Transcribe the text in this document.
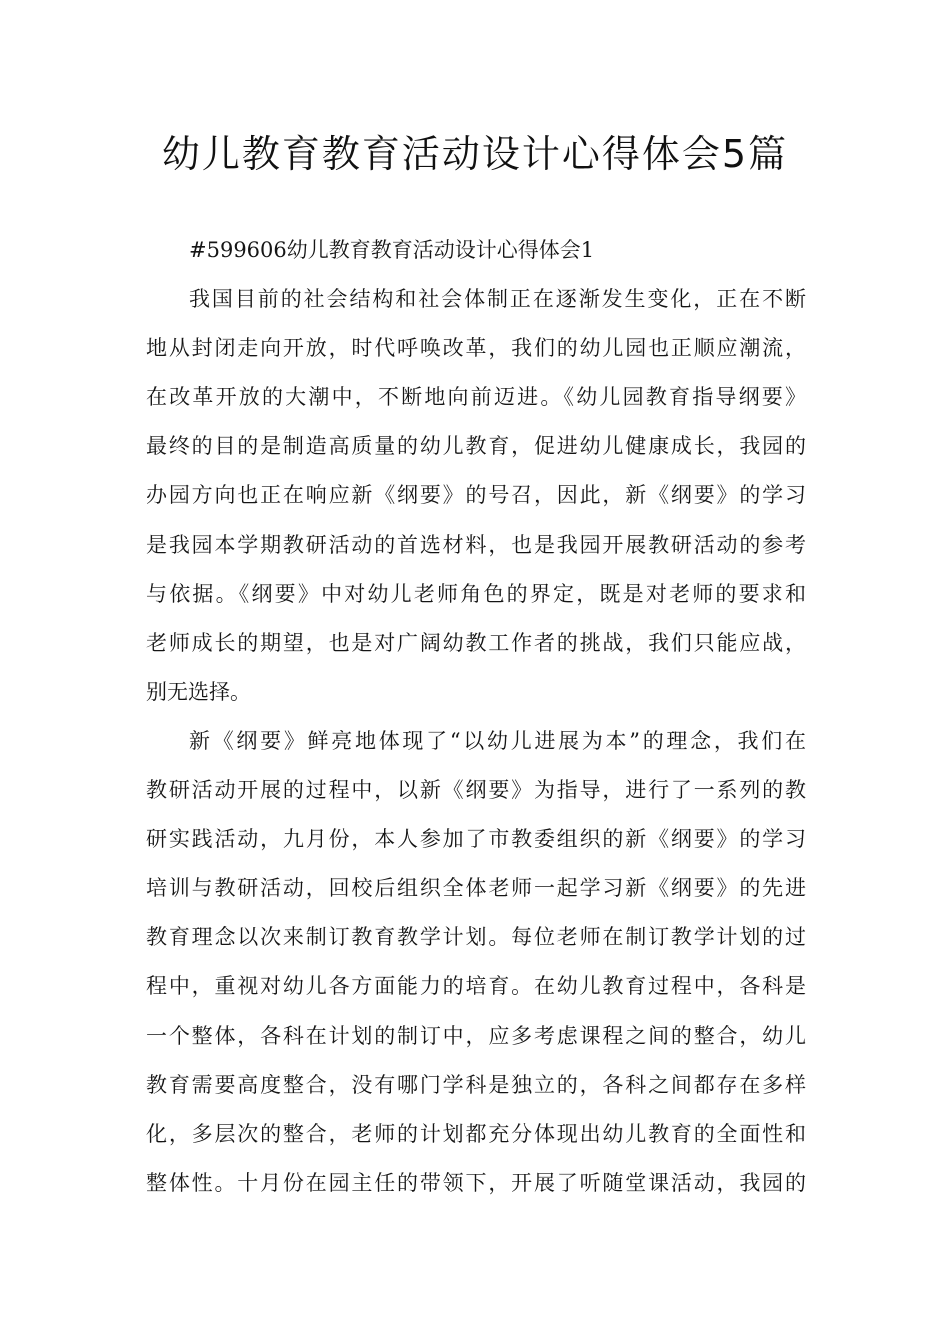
幼儿教育教育活动设计心得体会5篇
#599606幼儿教育教育活动设计心得体会1
我国目前的社会结构和社会体制正在逐渐发生变化，正在不断
地从封闭走向开放，时代呼唤改革，我们的幼儿园也正顺应潮流，
在改革开放的大潮中，不断地向前迈进。《幼儿园教育指导纲要》
最终的目的是制造高质量的幼儿教育，促进幼儿健康成长，我园的
办园方向也正在响应新《纲要》的号召，因此，新《纲要》的学习
是我园本学期教研活动的首选材料，也是我园开展教研活动的参考
与依据。《纲要》中对幼儿老师角色的界定，既是对老师的要求和
老师成长的期望，也是对广阔幼教工作者的挑战，我们只能应战，
别无选择。
新《纲要》鲜亮地体现了“以幼儿进展为本”的理念，我们在
教研活动开展的过程中，以新《纲要》为指导，进行了一系列的教
研实践活动，九月份，本人参加了市教委组织的新《纲要》的学习
培训与教研活动，回校后组织全体老师一起学习新《纲要》的先进
教育理念以次来制订教育教学计划。每位老师在制订教学计划的过
程中，重视对幼儿各方面能力的培育。在幼儿教育过程中，各科是
一个整体，各科在计划的制订中，应多考虑课程之间的整合，幼儿
教育需要高度整合，没有哪门学科是独立的，各科之间都存在多样
化，多层次的整合，老师的计划都充分体现出幼儿教育的全面性和
整体性。十月份在园主任的带领下，开展了听随堂课活动，我园的
